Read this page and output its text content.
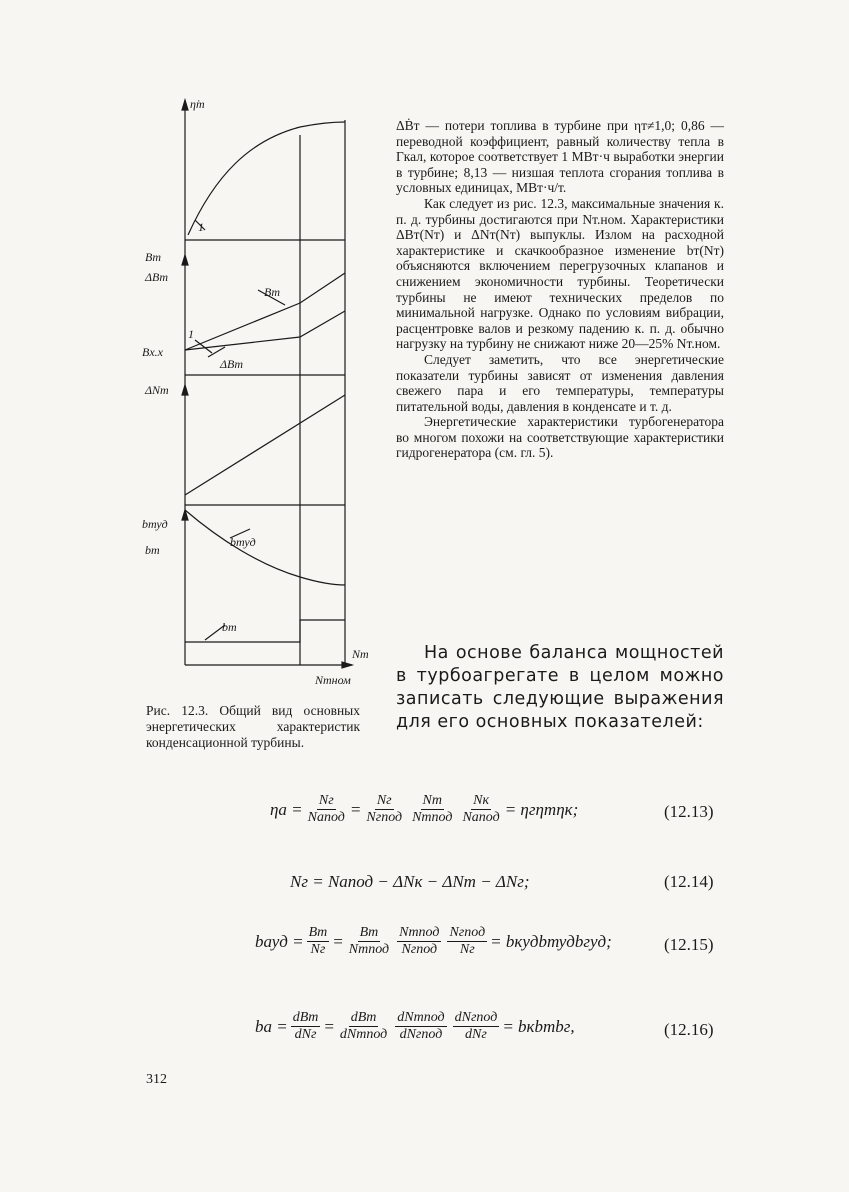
η̇т
1
Bт
ΔBт
Bт
1
Bх.х
ΔBт
ΔNт
bтуд
bт
bтуд
bт
Nт
Nтном
Рис. 12.3. Общий вид основных энергетических характеристик конденсационной турбины.

ΔḂт — потери топлива в турбине при ηт≠1,0; 0,86 — переводной коэффициент, равный количеству тепла в Гкал, которое соответствует 1 МВт·ч выработки энергии в турбине; 8,13 — низшая теплота сгорания топлива в условных единицах, МВт·ч/т.

Как следует из рис. 12.3, максимальные значения к. п. д. турбины достигаются при Nт.ном. Характеристики ΔBт(Nт) и ΔNт(Nт) выпуклы. Излом на расходной характеристике и скачкообразное изменение bт(Nт) объясняются включением перегрузочных клапанов и снижением экономичности турбины. Теоретически турбины не имеют технических пределов по минимальной нагрузке. Однако по условиям вибрации, расцентровке валов и резкому падению к. п. д. обычно нагрузку на турбину не снижают ниже 20—25% Nт.ном.

Следует заметить, что все энергетические показатели турбины зависят от изменения давления свежего пара и его температуры, температуры питательной воды, давления в конденсате и т. д.

Энергетические характеристики турбогенератора во многом похожи на соответствующие характеристики гидрогенератора (см. гл. 5).

На основе баланса мощностей в турбоагрегате в целом можно записать следующие выражения для его основных показателей:

$\eta а = \frac{Nг}{\text{Nаnод}} = \frac{Nг}{\text{Nгпод}} \frac{Nт}{\text{Nтпод}} \frac{Nк}{\text{Nапод}} = \eta г\eta т\eta к$;	(12.13)
Nг = Nапод − ΔNк − ΔNт − ΔNг;	(12.14)
bауд = $\frac{Bт}{Nг} = \frac{Bт}{\text{Nтпод}} \frac{\text{Nтпод}}{\text{Nгпод}} \frac{\text{Nгпод}}{Nг}$ = bкудbтудbгуд;	(12.15)
bа = $\frac{\text{dBт}}{\text{dNг}} = \frac{\text{dBт}}{\text{dNтпод}} \frac{\text{dNтпод}}{\text{dNгпод}} \frac{\text{dNгпод}}{\text{dNг}}$ = bкbтbг,	(12.16)
312
